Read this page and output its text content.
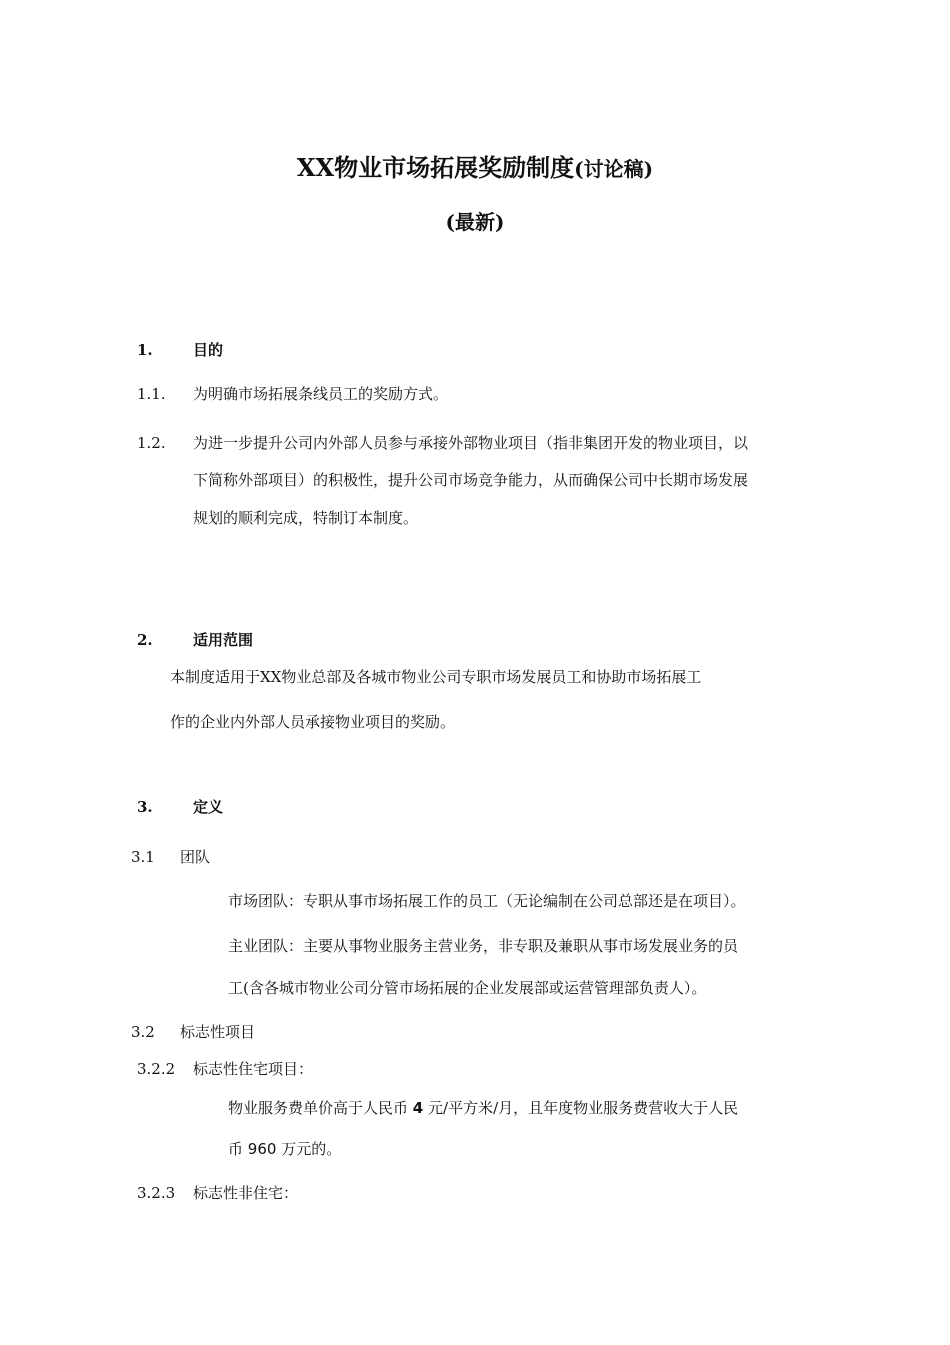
XX物业市场拓展奖励制度(讨论稿)
(最新)
1.	目的
1.1. 为明确市场拓展条线员工的奖励方式。
1.2. 为进一步提升公司内外部人员参与承接外部物业项目（指非集团开发的物业项目，以
下简称外部项目）的积极性，提升公司市场竞争能力，从而确保公司中长期市场发展
规划的顺利完成，特制订本制度。
2.	适用范围
本制度适用于XX物业总部及各城市物业公司专职市场发展员工和协助市场拓展工
作的企业内外部人员承接物业项目的奖励。
3.	定义
3.1 团队
市场团队：专职从事市场拓展工作的员工（无论编制在公司总部还是在项目）。
主业团队：主要从事物业服务主营业务，非专职及兼职从事市场发展业务的员
工(含各城市物业公司分管市场拓展的企业发展部或运营管理部负责人）。
3.2 标志性项目
3.2.2 标志性住宅项目：
物业服务费单价高于人民币 4 元/平方米/月，且年度物业服务费营收大于人民
币 960 万元的。
3.2.3 标志性非住宅：
